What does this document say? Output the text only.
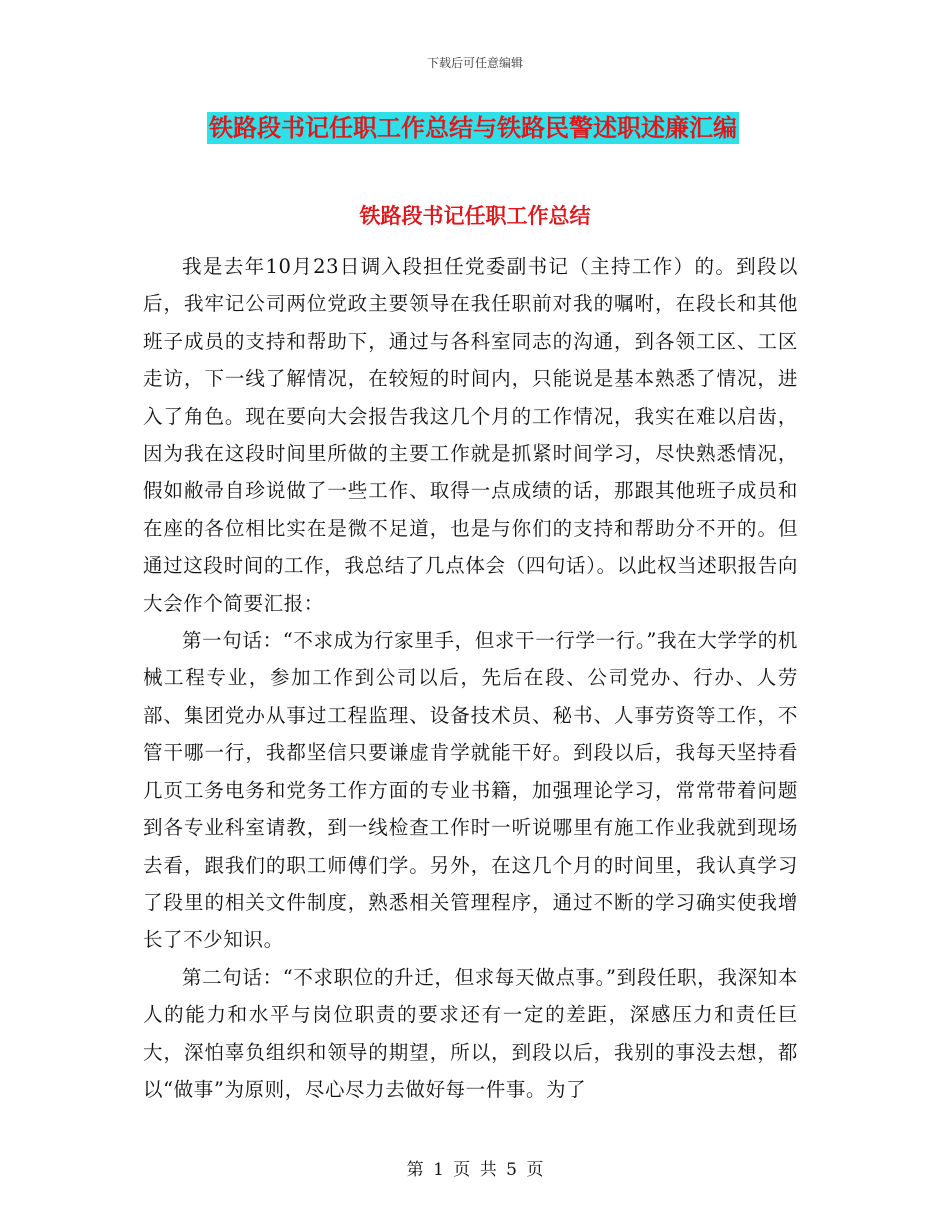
下载后可任意编辑
铁路段书记任职工作总结与铁路民警述职述廉汇编
铁路段书记任职工作总结

我是去年10月23日调入段担任党委副书记（主持工作）的。到段以后，我牢记公司两位党政主要领导在我任职前对我的嘱咐，在段长和其他班子成员的支持和帮助下，通过与各科室同志的沟通，到各领工区、工区走访，下一线了解情况，在较短的时间内，只能说是基本熟悉了情况，进入了角色。现在要向大会报告我这几个月的工作情况，我实在难以启齿，因为我在这段时间里所做的主要工作就是抓紧时间学习，尽快熟悉情况，假如敝帚自珍说做了一些工作、取得一点成绩的话，那跟其他班子成员和在座的各位相比实在是微不足道，也是与你们的支持和帮助分不开的。但通过这段时间的工作，我总结了几点体会（四句话）。以此权当述职报告向大会作个简要汇报：

第一句话：“不求成为行家里手，但求干一行学一行。”我在大学学的机械工程专业，参加工作到公司以后，先后在段、公司党办、行办、人劳部、集团党办从事过工程监理、设备技术员、秘书、人事劳资等工作，不管干哪一行，我都坚信只要谦虚肯学就能干好。到段以后，我每天坚持看几页工务电务和党务工作方面的专业书籍，加强理论学习，常常带着问题到各专业科室请教，到一线检查工作时一听说哪里有施工作业我就到现场去看，跟我们的职工师傅们学。另外，在这几个月的时间里，我认真学习了段里的相关文件制度，熟悉相关管理程序，通过不断的学习确实使我增长了不少知识。

第二句话：“不求职位的升迁，但求每天做点事。”到段任职，我深知本人的能力和水平与岗位职责的要求还有一定的差距，深感压力和责任巨大，深怕辜负组织和领导的期望，所以，到段以后，我别的事没去想，都以“做事”为原则，尽心尽力去做好每一件事。为了

第 1 页 共 5 页
